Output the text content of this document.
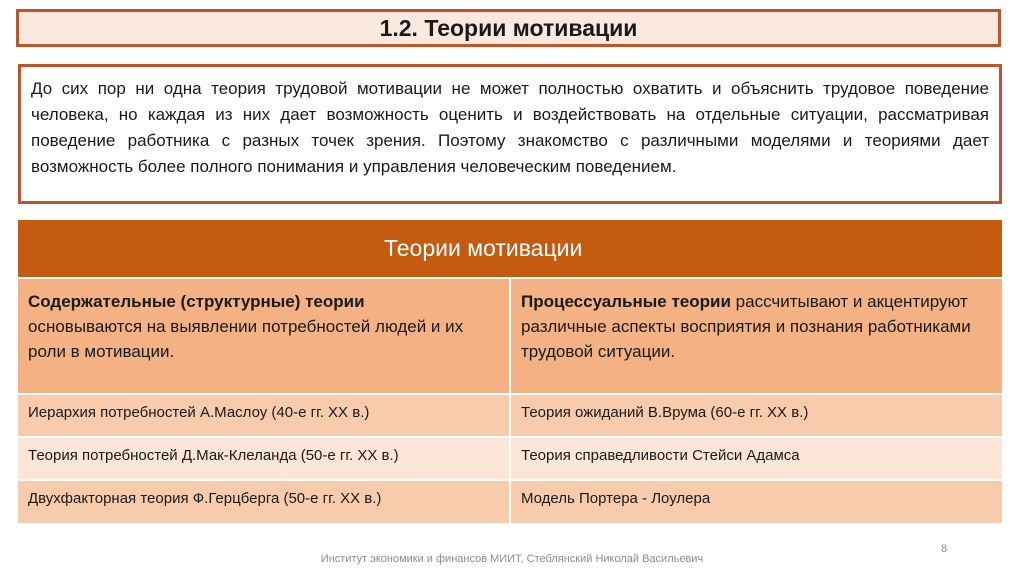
1.2. Теории мотивации

До сих пор ни одна теория трудовой мотивации не может полностью охватить и объяснить трудовое поведение человека, но каждая из них дает возможность оценить и воздействовать на отдельные ситуации, рассматривая поведение работника с разных точек зрения. Поэтому знакомство с различными моделями и теориями дает возможность более полного понимания и управления человеческим поведением.

Теории мотивации	
Содержательные (структурные) теории
основываются на выявлении потребностей людей и их роли в мотивации.	Процессуальные теории рассчитывают и акцентируют различные аспекты восприятия и познания работниками трудовой ситуации.
Иерархия потребностей А.Маслоу (40-е гг. XX в.)	Теория ожиданий В.Врума (60-е гг. XX в.)
Теория потребностей Д.Мак-Клеланда (50-е гг. XX в.)	Теория справедливости Стейси Адамса
Двухфакторная теория Ф.Герцберга (50-е гг. XX в.)	Модель Портера - Лоулера
8
Институт экономики и финансов МИИТ, Стеблянский Николай Васильевич
